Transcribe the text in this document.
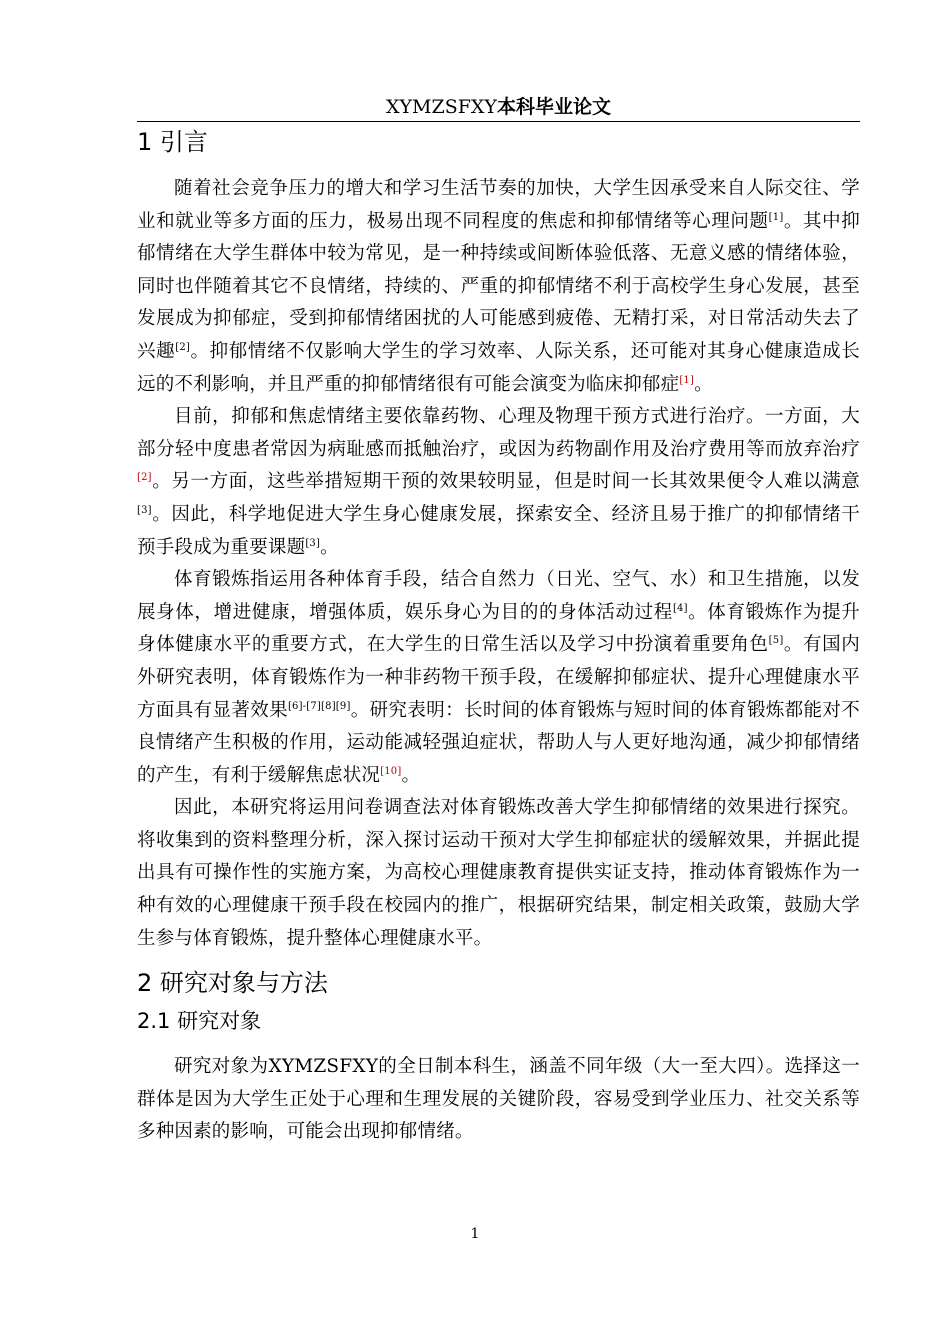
XYMZSFXY本科毕业论文
1 引言

随着社会竞争压力的增大和学习生活节奏的加快，大学生因承受来自人际交往、学业和就业等多方面的压力，极易出现不同程度的焦虑和抑郁情绪等心理问题[1]。其中抑郁情绪在大学生群体中较为常见，是一种持续或间断体验低落、无意义感的情绪体验，同时也伴随着其它不良情绪，持续的、严重的抑郁情绪不利于高校学生身心发展，甚至发展成为抑郁症，受到抑郁情绪困扰的人可能感到疲倦、无精打采，对日常活动失去了兴趣[2]。抑郁情绪不仅影响大学生的学习效率、人际关系，还可能对其身心健康造成长远的不利影响，并且严重的抑郁情绪很有可能会演变为临床抑郁症[1]。

目前，抑郁和焦虑情绪主要依靠药物、心理及物理干预方式进行治疗。一方面，大部分轻中度患者常因为病耻感而抵触治疗，或因为药物副作用及治疗费用等而放弃治疗[2]。另一方面，这些举措短期干预的效果较明显，但是时间一长其效果便令人难以满意[3]。因此，科学地促进大学生身心健康发展，探索安全、经济且易于推广的抑郁情绪干预手段成为重要课题[3]。

体育锻炼指运用各种体育手段，结合自然力（日光、空气、水）和卫生措施，以发展身体，增进健康，增强体质，娱乐身心为目的的身体活动过程[4]。体育锻炼作为提升身体健康水平的重要方式，在大学生的日常生活以及学习中扮演着重要角色[5]。有国内外研究表明，体育锻炼作为一种非药物干预手段，在缓解抑郁症状、提升心理健康水平方面具有显著效果[6]-[7][8][9]。研究表明：长时间的体育锻炼与短时间的体育锻炼都能对不良情绪产生积极的作用，运动能减轻强迫症状，帮助人与人更好地沟通，减少抑郁情绪的产生，有利于缓解焦虑状况[10]。

因此，本研究将运用问卷调查法对体育锻炼改善大学生抑郁情绪的效果进行探究。将收集到的资料整理分析，深入探讨运动干预对大学生抑郁症状的缓解效果，并据此提出具有可操作性的实施方案，为高校心理健康教育提供实证支持，推动体育锻炼作为一种有效的心理健康干预手段在校园内的推广，根据研究结果，制定相关政策，鼓励大学生参与体育锻炼，提升整体心理健康水平。

2 研究对象与方法
2.1 研究对象

研究对象为XYMZSFXY的全日制本科生，涵盖不同年级（大一至大四）。选择这一群体是因为大学生正处于心理和生理发展的关键阶段，容易受到学业压力、社交关系等多种因素的影响，可能会出现抑郁情绪。

1
